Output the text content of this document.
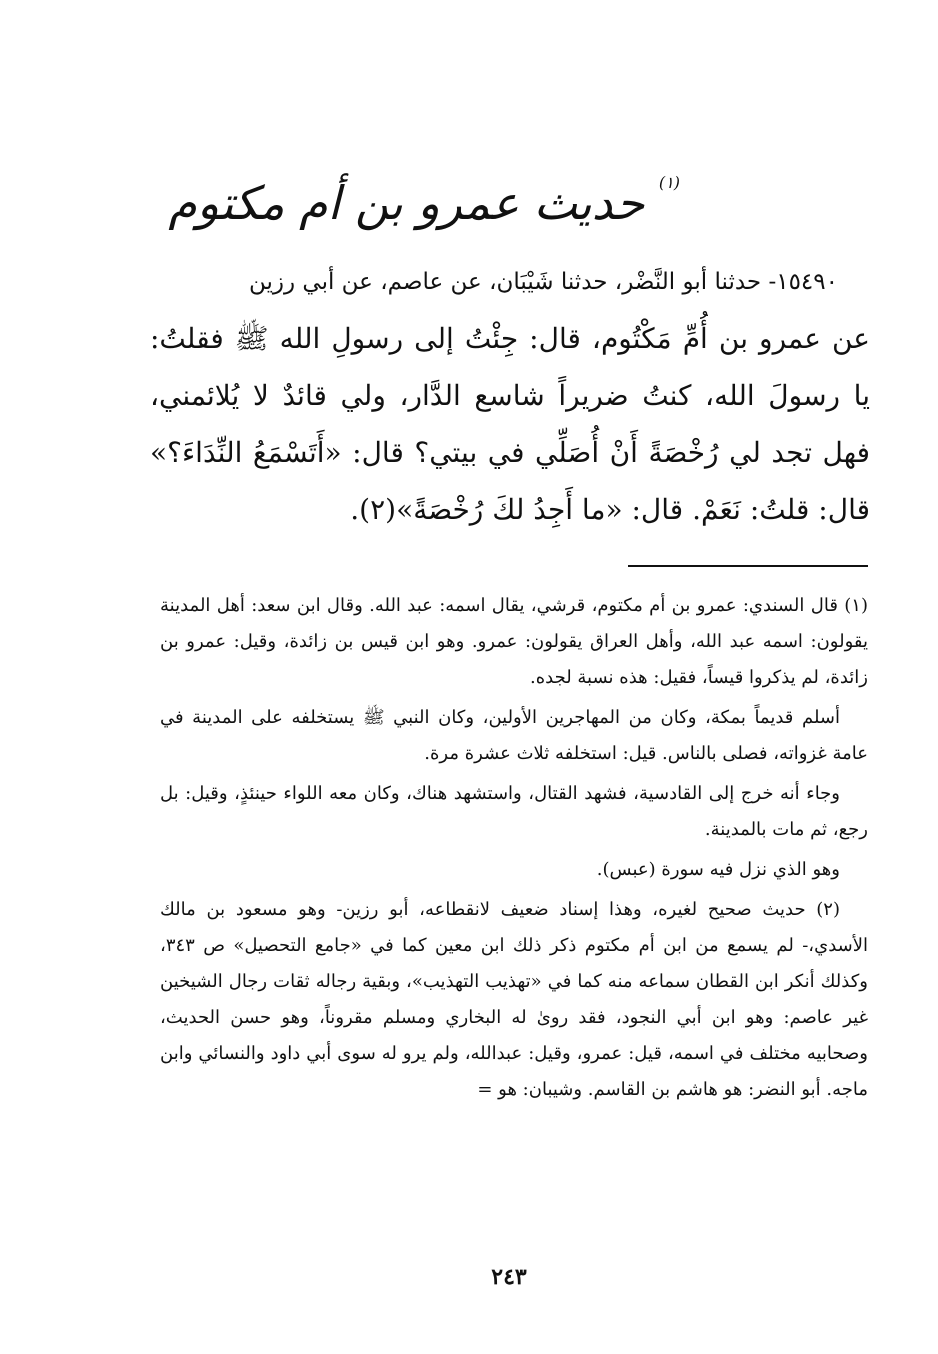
$^{(١)}$ حديث عمرو بن أم مكتوم

١٥٤٩٠- حدثنا أبو النَّضْر، حدثنا شَيْبَان، عن عاصم، عن أبي رزين

عن عمرو بن أُمِّ مَكْتُوم، قال: جِئْتُ إلى رسولِ الله ﷺ فقلتُ: يا رسولَ الله، كنتُ ضريراً شاسع الدَّار، ولي قائدٌ لا يُلائمني، فهل تجد لي رُخْصَةً أَنْ أُصَلِّي في بيتي؟ قال: «أَتَسْمَعُ النِّدَاءَ؟» قال: قلتُ: نَعَمْ. قال: «ما أَجِدُ لكَ رُخْصَةً»(٢).

(١) قال السندي: عمرو بن أم مكتوم، قرشي، يقال اسمه: عبد الله. وقال ابن سعد: أهل المدينة يقولون: اسمه عبد الله، وأهل العراق يقولون: عمرو. وهو ابن قيس بن زائدة، وقيل: عمرو بن زائدة، لم يذكروا قيساً، فقيل: هذه نسبة لجده.

أسلم قديماً بمكة، وكان من المهاجرين الأولين، وكان النبي ﷺ يستخلفه على المدينة في عامة غزواته، فصلى بالناس. قيل: استخلفه ثلاث عشرة مرة.

وجاء أنه خرج إلى القادسية، فشهد القتال، واستشهد هناك، وكان معه اللواء حينئذٍ، وقيل: بل رجع، ثم مات بالمدينة.

وهو الذي نزل فيه سورة (عبس).

(٢) حديث صحيح لغيره، وهذا إسناد ضعيف لانقطاعه، أبو رزين- وهو مسعود بن مالك الأسدي،- لم يسمع من ابن أم مكتوم ذكر ذلك ابن معين كما في «جامع التحصيل» ص ٣٤٣، وكذلك أنكر ابن القطان سماعه منه كما في «تهذيب التهذيب»، وبقية رجاله ثقات رجال الشيخين غير عاصم: وهو ابن أبي النجود، فقد روىٰ له البخاري ومسلم مقروناً، وهو حسن الحديث، وصحابيه مختلف في اسمه، قيل: عمرو، وقيل: عبدالله، ولم يرو له سوى أبي داود والنسائي وابن ماجه. أبو النضر: هو هاشم بن القاسم. وشيبان: هو =

٢٤٣
